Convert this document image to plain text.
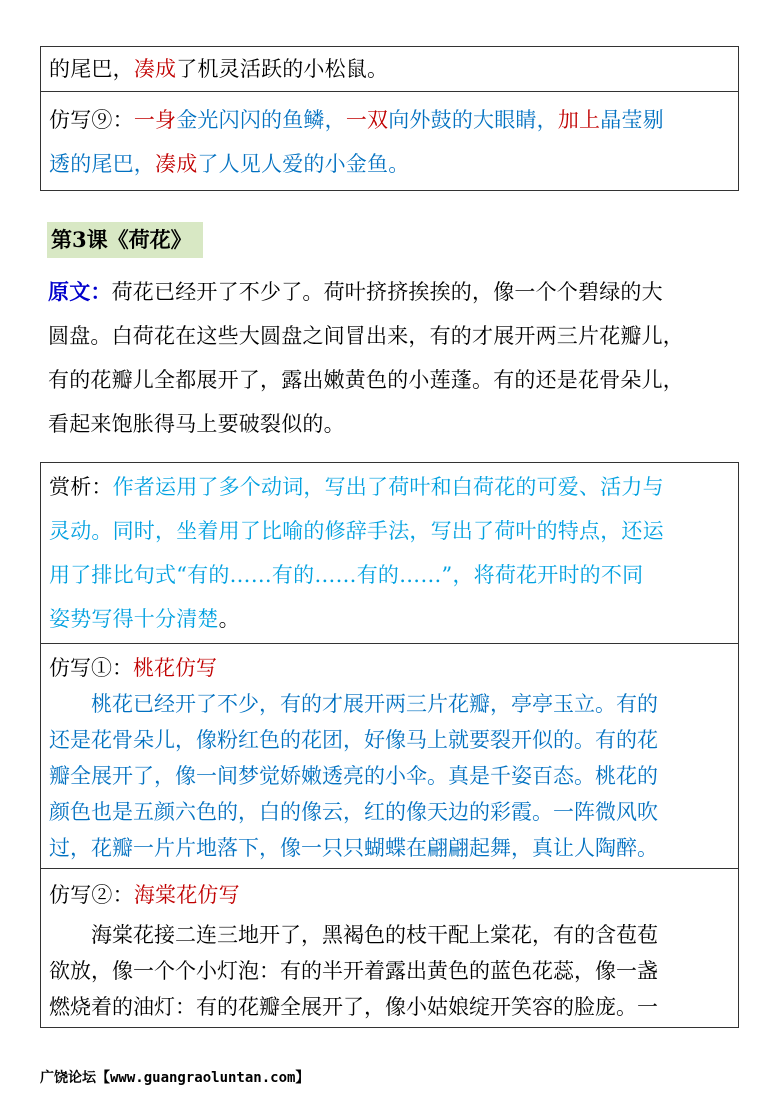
的尾巴，凑成了机灵活跃的小松鼠。
仿写⑨：一身金光闪闪的鱼鳞，一双向外鼓的大眼睛，加上晶莹剔
透的尾巴，凑成了人见人爱的小金鱼。
第3课《荷花》
原文：荷花已经开了不少了。荷叶挤挤挨挨的，像一个个碧绿的大
圆盘。白荷花在这些大圆盘之间冒出来，有的才展开两三片花瓣儿，
有的花瓣儿全都展开了，露出嫩黄色的小莲蓬。有的还是花骨朵儿，
看起来饱胀得马上要破裂似的。
赏析：作者运用了多个动词，写出了荷叶和白荷花的可爱、活力与
灵动。同时，坐着用了比喻的修辞手法，写出了荷叶的特点，还运
用了排比句式“有的……有的……有的……”，将荷花开时的不同
姿势写得十分清楚。
仿写①：桃花仿写
桃花已经开了不少，有的才展开两三片花瓣，亭亭玉立。有的
还是花骨朵儿，像粉红色的花团，好像马上就要裂开似的。有的花
瓣全展开了，像一间梦觉娇嫩透亮的小伞。真是千姿百态。桃花的
颜色也是五颜六色的，白的像云，红的像天边的彩霞。一阵微风吹
过，花瓣一片片地落下，像一只只蝴蝶在翩翩起舞，真让人陶醉。
仿写②：海棠花仿写
海棠花接二连三地开了，黑褐色的枝干配上棠花，有的含苞苞
欲放，像一个个小灯泡：有的半开着露出黄色的蓝色花蕊，像一盏
燃烧着的油灯：有的花瓣全展开了，像小姑娘绽开笑容的脸庞。一
广饶论坛【www.guangraoluntan.com】
